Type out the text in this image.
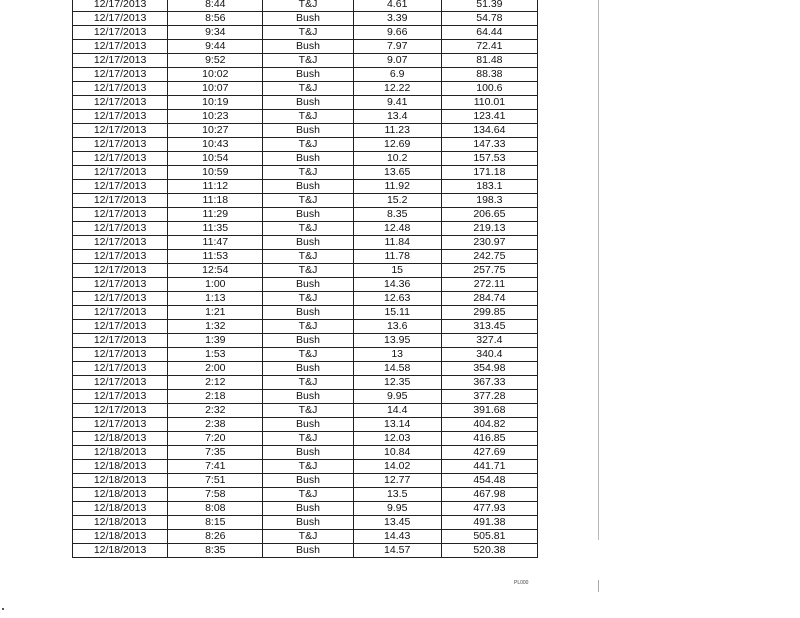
12/17/2013	8:44	T&J	4.61	51.39
12/17/2013	8:56	Bush	3.39	54.78
12/17/2013	9:34	T&J	9.66	64.44
12/17/2013	9:44	Bush	7.97	72.41
12/17/2013	9:52	T&J	9.07	81.48
12/17/2013	10:02	Bush	6.9	88.38
12/17/2013	10:07	T&J	12.22	100.6
12/17/2013	10:19	Bush	9.41	110.01
12/17/2013	10:23	T&J	13.4	123.41
12/17/2013	10:27	Bush	11.23	134.64
12/17/2013	10:43	T&J	12.69	147.33
12/17/2013	10:54	Bush	10.2	157.53
12/17/2013	10:59	T&J	13.65	171.18
12/17/2013	11:12	Bush	11.92	183.1
12/17/2013	11:18	T&J	15.2	198.3
12/17/2013	11:29	Bush	8.35	206.65
12/17/2013	11:35	T&J	12.48	219.13
12/17/2013	11:47	Bush	11.84	230.97
12/17/2013	11:53	T&J	11.78	242.75
12/17/2013	12:54	T&J	15	257.75
12/17/2013	1:00	Bush	14.36	272.11
12/17/2013	1:13	T&J	12.63	284.74
12/17/2013	1:21	Bush	15.11	299.85
12/17/2013	1:32	T&J	13.6	313.45
12/17/2013	1:39	Bush	13.95	327.4
12/17/2013	1:53	T&J	13	340.4
12/17/2013	2:00	Bush	14.58	354.98
12/17/2013	2:12	T&J	12.35	367.33
12/17/2013	2:18	Bush	9.95	377.28
12/17/2013	2:32	T&J	14.4	391.68
12/17/2013	2:38	Bush	13.14	404.82
12/18/2013	7:20	T&J	12.03	416.85
12/18/2013	7:35	Bush	10.84	427.69
12/18/2013	7:41	T&J	14.02	441.71
12/18/2013	7:51	Bush	12.77	454.48
12/18/2013	7:58	T&J	13.5	467.98
12/18/2013	8:08	Bush	9.95	477.93
12/18/2013	8:15	Bush	13.45	491.38
12/18/2013	8:26	T&J	14.43	505.81
12/18/2013	8:35	Bush	14.57	520.38
PL000
